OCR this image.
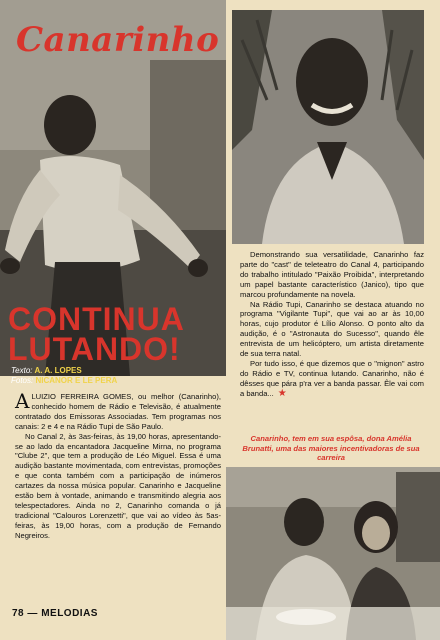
Canarinho
CONTINUA
LUTANDO!
Texto: A. A. LOPES
Fotos: NICANOR E LE PERA

ALUIZIO FERREIRA GOMES, ou melhor (Canarinho), conhecido homem de Rádio e Televisão, é atualmente contratado dos Emissoras Associadas. Tem programas nos canais: 2 e 4 e na Rádio Tupi de São Paulo.

No Canal 2, às 3as-feiras, às 19,00 horas, apresentando-se ao lado da encantadora Jacqueline Mirna, no programa "Clube 2", que tem a produção de Léo Miguel. Essa é uma audição bastante movimentada, com entrevistas, promoções e que conta também com a participação de inúmeros cartazes da nossa música popular. Canarinho e Jacqueline estão bem à vontade, animando e transmitindo alegria aos telespectadores. Ainda no 2, Canarinho comanda o já tradicional "Calouros Lorenzetti", que vai ao vídeo às 5as-feiras, às 19,00 horas, com a produção de Fernando Negreiros.

Demonstrando sua versatilidade, Canarinho faz parte do "cast" de teleteatro do Canal 4, participando do trabalho intitulado "Paixão Proibida", interpretando um papel bastante característico (Janico), tipo que marcou profundamente na novela.

Na Rádio Tupi, Canarinho se destaca atuando no programa "Vigilante Tupi", que vai ao ar às 10,00 horas, cujo produtor é Lílio Alonso. O ponto alto da audição, é o "Astronauta do Sucesso", quando êle entrevista de um helicóptero, um artista diretamente de sua terra natal.

Por tudo isso, é que dizemos que o "mignon" astro do Rádio e TV, continua lutando. Canarinho, não é dêsses que pára p'ra ver a banda passar. Êle vai com a banda... ★

Canarinho, tem em sua espôsa, dona Amélia Brunatti, uma das maiores incentivadoras de sua carreira
78 — MELODIAS
